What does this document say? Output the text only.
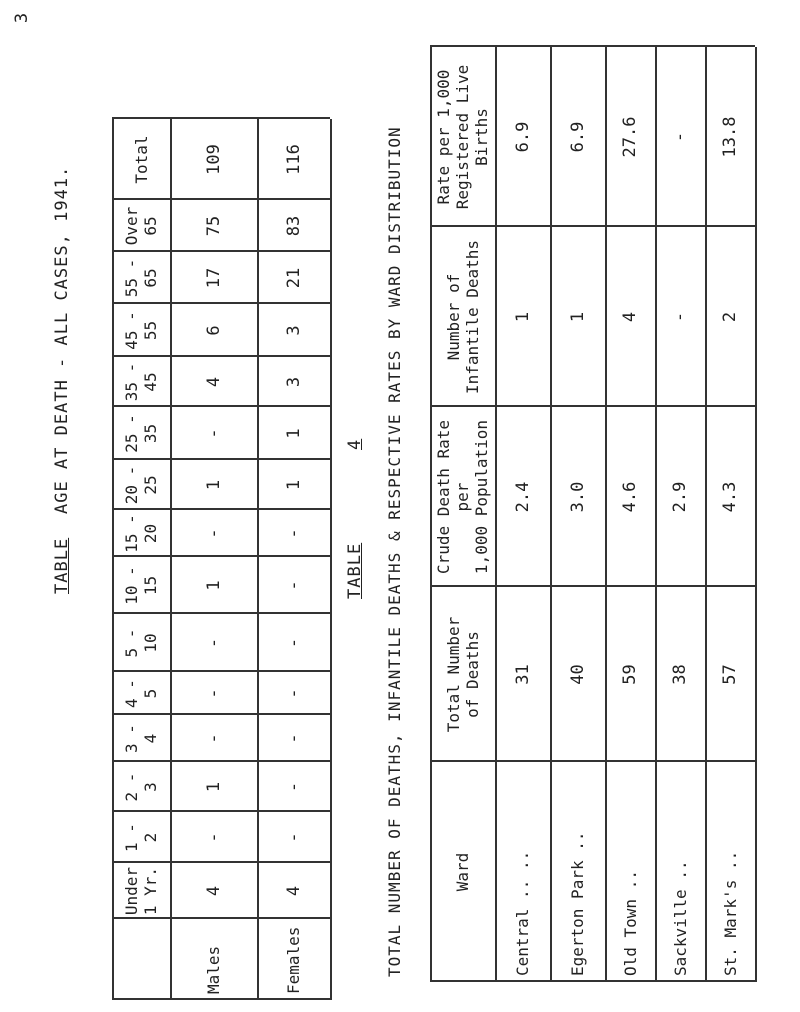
3
TABLE
AGE AT DEATH - ALL CASES, 1941.
Under
1 Yr.
1 -
2
2 -
3
3 -
4
4 -
5
5 -
10
10 -
15
15 -
20
20 -
25
25 -
35
35 -
45
45 -
55
55 -
65
Over
65
Total
Males
4
-
1
-
-
-
1
-
1
-
4
6
17
75
109
Females
4
-
-
-
-
-
-
-
1
1
3
3
21
83
116
TABLE
4 TOTAL NUMBER OF DEATHS, INFANTILE DEATHS & RESPECTIVE RATES BY WARD DISTRIBUTION	Ward
Total Number
of Deaths
Crude Death Rate
per
1,000 Population
Number of
Infantile Deaths
Rate per 1,000
Registered Live
Births
Central .. ..
31
2.4
1
6.9
Egerton Park ..
40
3.0
1
6.9
Old Town ..
59
4.6
4
27.6
Sackville ..
38
2.9
-
-
St. Mark's ..
57
4.3
2
13.8
